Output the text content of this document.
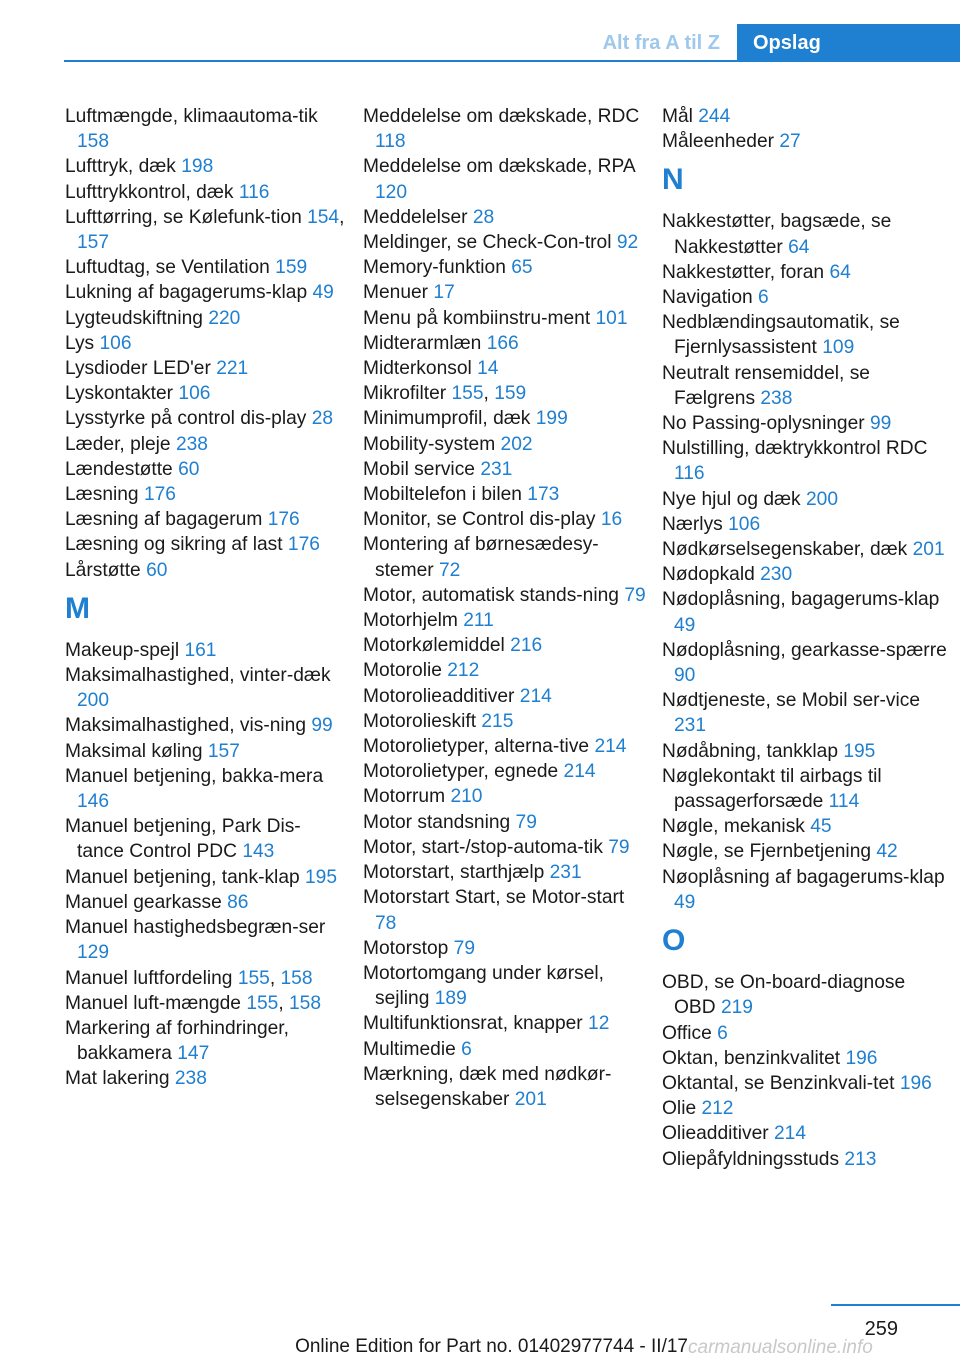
Alt fra A til Z	Opslag

Luftmængde, klimaautoma-tik 158

Lufttryk, dæk 198

Lufttrykkontrol, dæk 116

Lufttørring, se Kølefunk-tion 154, 157

Luftudtag, se Ventilation 159

Lukning af bagagerums-klap 49

Lygteudskiftning 220

Lys 106

Lysdioder LED'er 221

Lyskontakter 106

Lysstyrke på control dis-play 28

Læder, pleje 238

Lændestøtte 60

Læsning 176

Læsning af bagagerum 176

Læsning og sikring af last 176

Lårstøtte 60

M

Makeup-spejl 161

Maksimalhastighed, vinter-dæk 200

Maksimalhastighed, vis-ning 99

Maksimal køling 157

Manuel betjening, bakka-mera 146

Manuel betjening, Park Dis-tance Control PDC 143

Manuel betjening, tank-klap 195

Manuel gearkasse 86

Manuel hastighedsbegræn-ser 129

Manuel luftfordeling 155, 158

Manuel luft-mængde 155, 158

Markering af forhindringer, bakkamera 147

Mat lakering 238

Meddelelse om dækskade, RDC 118

Meddelelse om dækskade, RPA 120

Meddelelser 28

Meldinger, se Check-Con-trol 92

Memory-funktion 65

Menuer 17

Menu på kombiinstru-ment 101

Midterarmlæn 166

Midterkonsol 14

Mikrofilter 155, 159

Minimumprofil, dæk 199

Mobility-system 202

Mobil service 231

Mobiltelefon i bilen 173

Monitor, se Control dis-play 16

Montering af børnesædesy-stemer 72

Motor, automatisk stands-ning 79

Motorhjelm 211

Motorkølemiddel 216

Motorolie 212

Motorolieadditiver 214

Motorolieskift 215

Motorolietyper, alterna-tive 214

Motorolietyper, egnede 214

Motorrum 210

Motor standsning 79

Motor, start-/stop-automa-tik 79

Motorstart, starthjælp 231

Motorstart Start, se Motor-start 78

Motorstop 79

Motortomgang under kørsel, sejling 189

Multifunktionsrat, knapper 12

Multimedie 6

Mærkning, dæk med nødkør-selsegenskaber 201

Mål 244

Måleenheder 27

N

Nakkestøtter, bagsæde, se Nakkestøtter 64

Nakkestøtter, foran 64

Navigation 6

Nedblændingsautomatik, se Fjernlysassistent 109

Neutralt rensemiddel, se Fælgrens 238

No Passing-oplysninger 99

Nulstilling, dæktrykkontrol RDC 116

Nye hjul og dæk 200

Nærlys 106

Nødkørselsegenskaber, dæk 201

Nødopkald 230

Nødoplåsning, bagagerums-klap 49

Nødoplåsning, gearkasse-spærre 90

Nødtjeneste, se Mobil ser-vice 231

Nødåbning, tankklap 195

Nøglekontakt til airbags til passagerforsæde 114

Nøgle, mekanisk 45

Nøgle, se Fjernbetjening 42

Nøoplåsning af bagagerums-klap 49

O

OBD, se On-board-diagnose OBD 219

Office 6

Oktan, benzinkvalitet 196

Oktantal, se Benzinkvali-tet 196

Olie 212

Olieadditiver 214

Oliepåfyldningsstuds 213

259
Online Edition for Part no. 01402977744 - II/17 carmanualsonline.info
